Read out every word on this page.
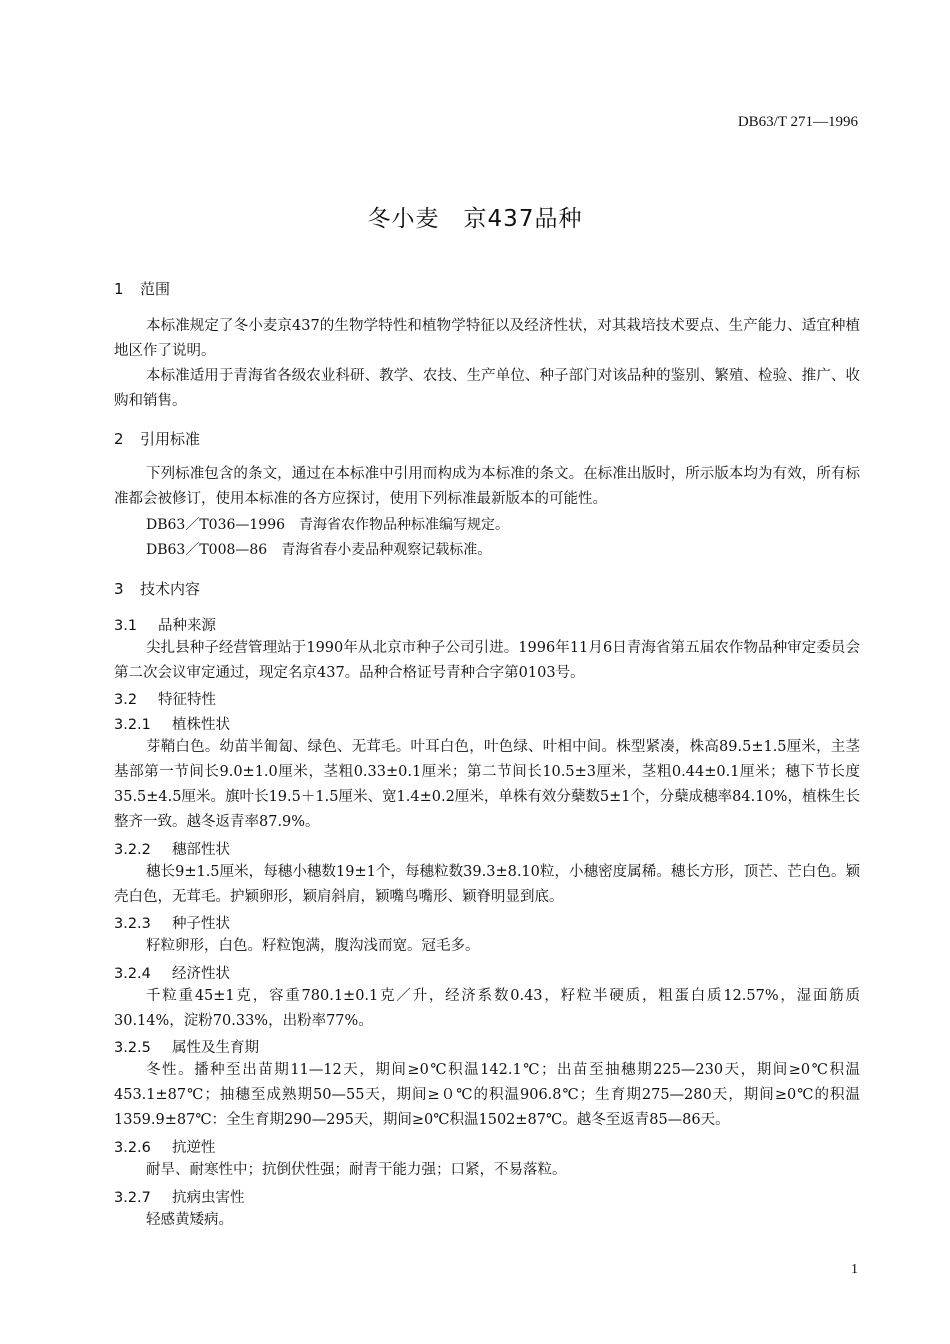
DB63/T 271—1996
冬小麦　京437品种
1 范围
本标准规定了冬小麦京437的生物学特性和植物学特征以及经济性状，对其栽培技术要点、生产能力、适宜种植地区作了说明。
本标准适用于青海省各级农业科研、教学、农技、生产单位、种子部门对该品种的鉴别、繁殖、检验、推广、收购和销售。
2 引用标准
下列标准包含的条文，通过在本标准中引用而构成为本标准的条文。在标准出版时，所示版本均为有效，所有标准都会被修订，使用本标准的各方应探讨，使用下列标准最新版本的可能性。
DB63／T036—1996　青海省农作物品种标准编写规定。
DB63／T008—86　青海省春小麦品种观察记载标准。
3 技术内容
3.1 品种来源
尖扎县种子经营管理站于1990年从北京市种子公司引进。1996年11月6日青海省第五届农作物品种审定委员会第二次会议审定通过，现定名京437。品种合格证号青种合字第0103号。
3.2 特征特性
3.2.1 植株性状
芽鞘白色。幼苗半匍匐、绿色、无茸毛。叶耳白色，叶色绿、叶相中间。株型紧凑，株高89.5±1.5厘米，主茎基部第一节间长9.0±1.0厘米，茎粗0.33±0.1厘米；第二节间长10.5±3厘米，茎粗0.44±0.1厘米；穗下节长度35.5±4.5厘米。旗叶长19.5＋1.5厘米、宽1.4±0.2厘米，单株有效分蘖数5±1个，分蘖成穗率84.10%，植株生长整齐一致。越冬返青率87.9%。
3.2.2 穗部性状
穗长9±1.5厘米，每穗小穗数19±1个，每穗粒数39.3±8.10粒，小穗密度属稀。穗长方形，顶芒、芒白色。颖壳白色，无茸毛。护颖卵形，颖肩斜肩，颖嘴鸟嘴形、颖脊明显到底。
3.2.3 种子性状
籽粒卵形，白色。籽粒饱满，腹沟浅而宽。冠毛多。
3.2.4 经济性状
千粒重45±1克，容重780.1±0.1克／升，经济系数0.43，籽粒半硬质，粗蛋白质12.57%，湿面筋质30.14%，淀粉70.33%，出粉率77%。
3.2.5 属性及生育期
冬性。播种至出苗期11—12天，期间≥0℃积温142.1℃；出苗至抽穗期225—230天，期间≥0℃积温453.1±87℃；抽穗至成熟期50—55天，期间≥０℃的积温906.8℃；生育期275—280天，期间≥0℃的积温1359.9±87℃：全生育期290—295天，期间≥0℃积温1502±87℃。越冬至返青85—86天。
3.2.6 抗逆性
耐旱、耐寒性中；抗倒伏性强；耐青干能力强；口紧，不易落粒。
3.2.7 抗病虫害性
轻感黄矮病。
1
